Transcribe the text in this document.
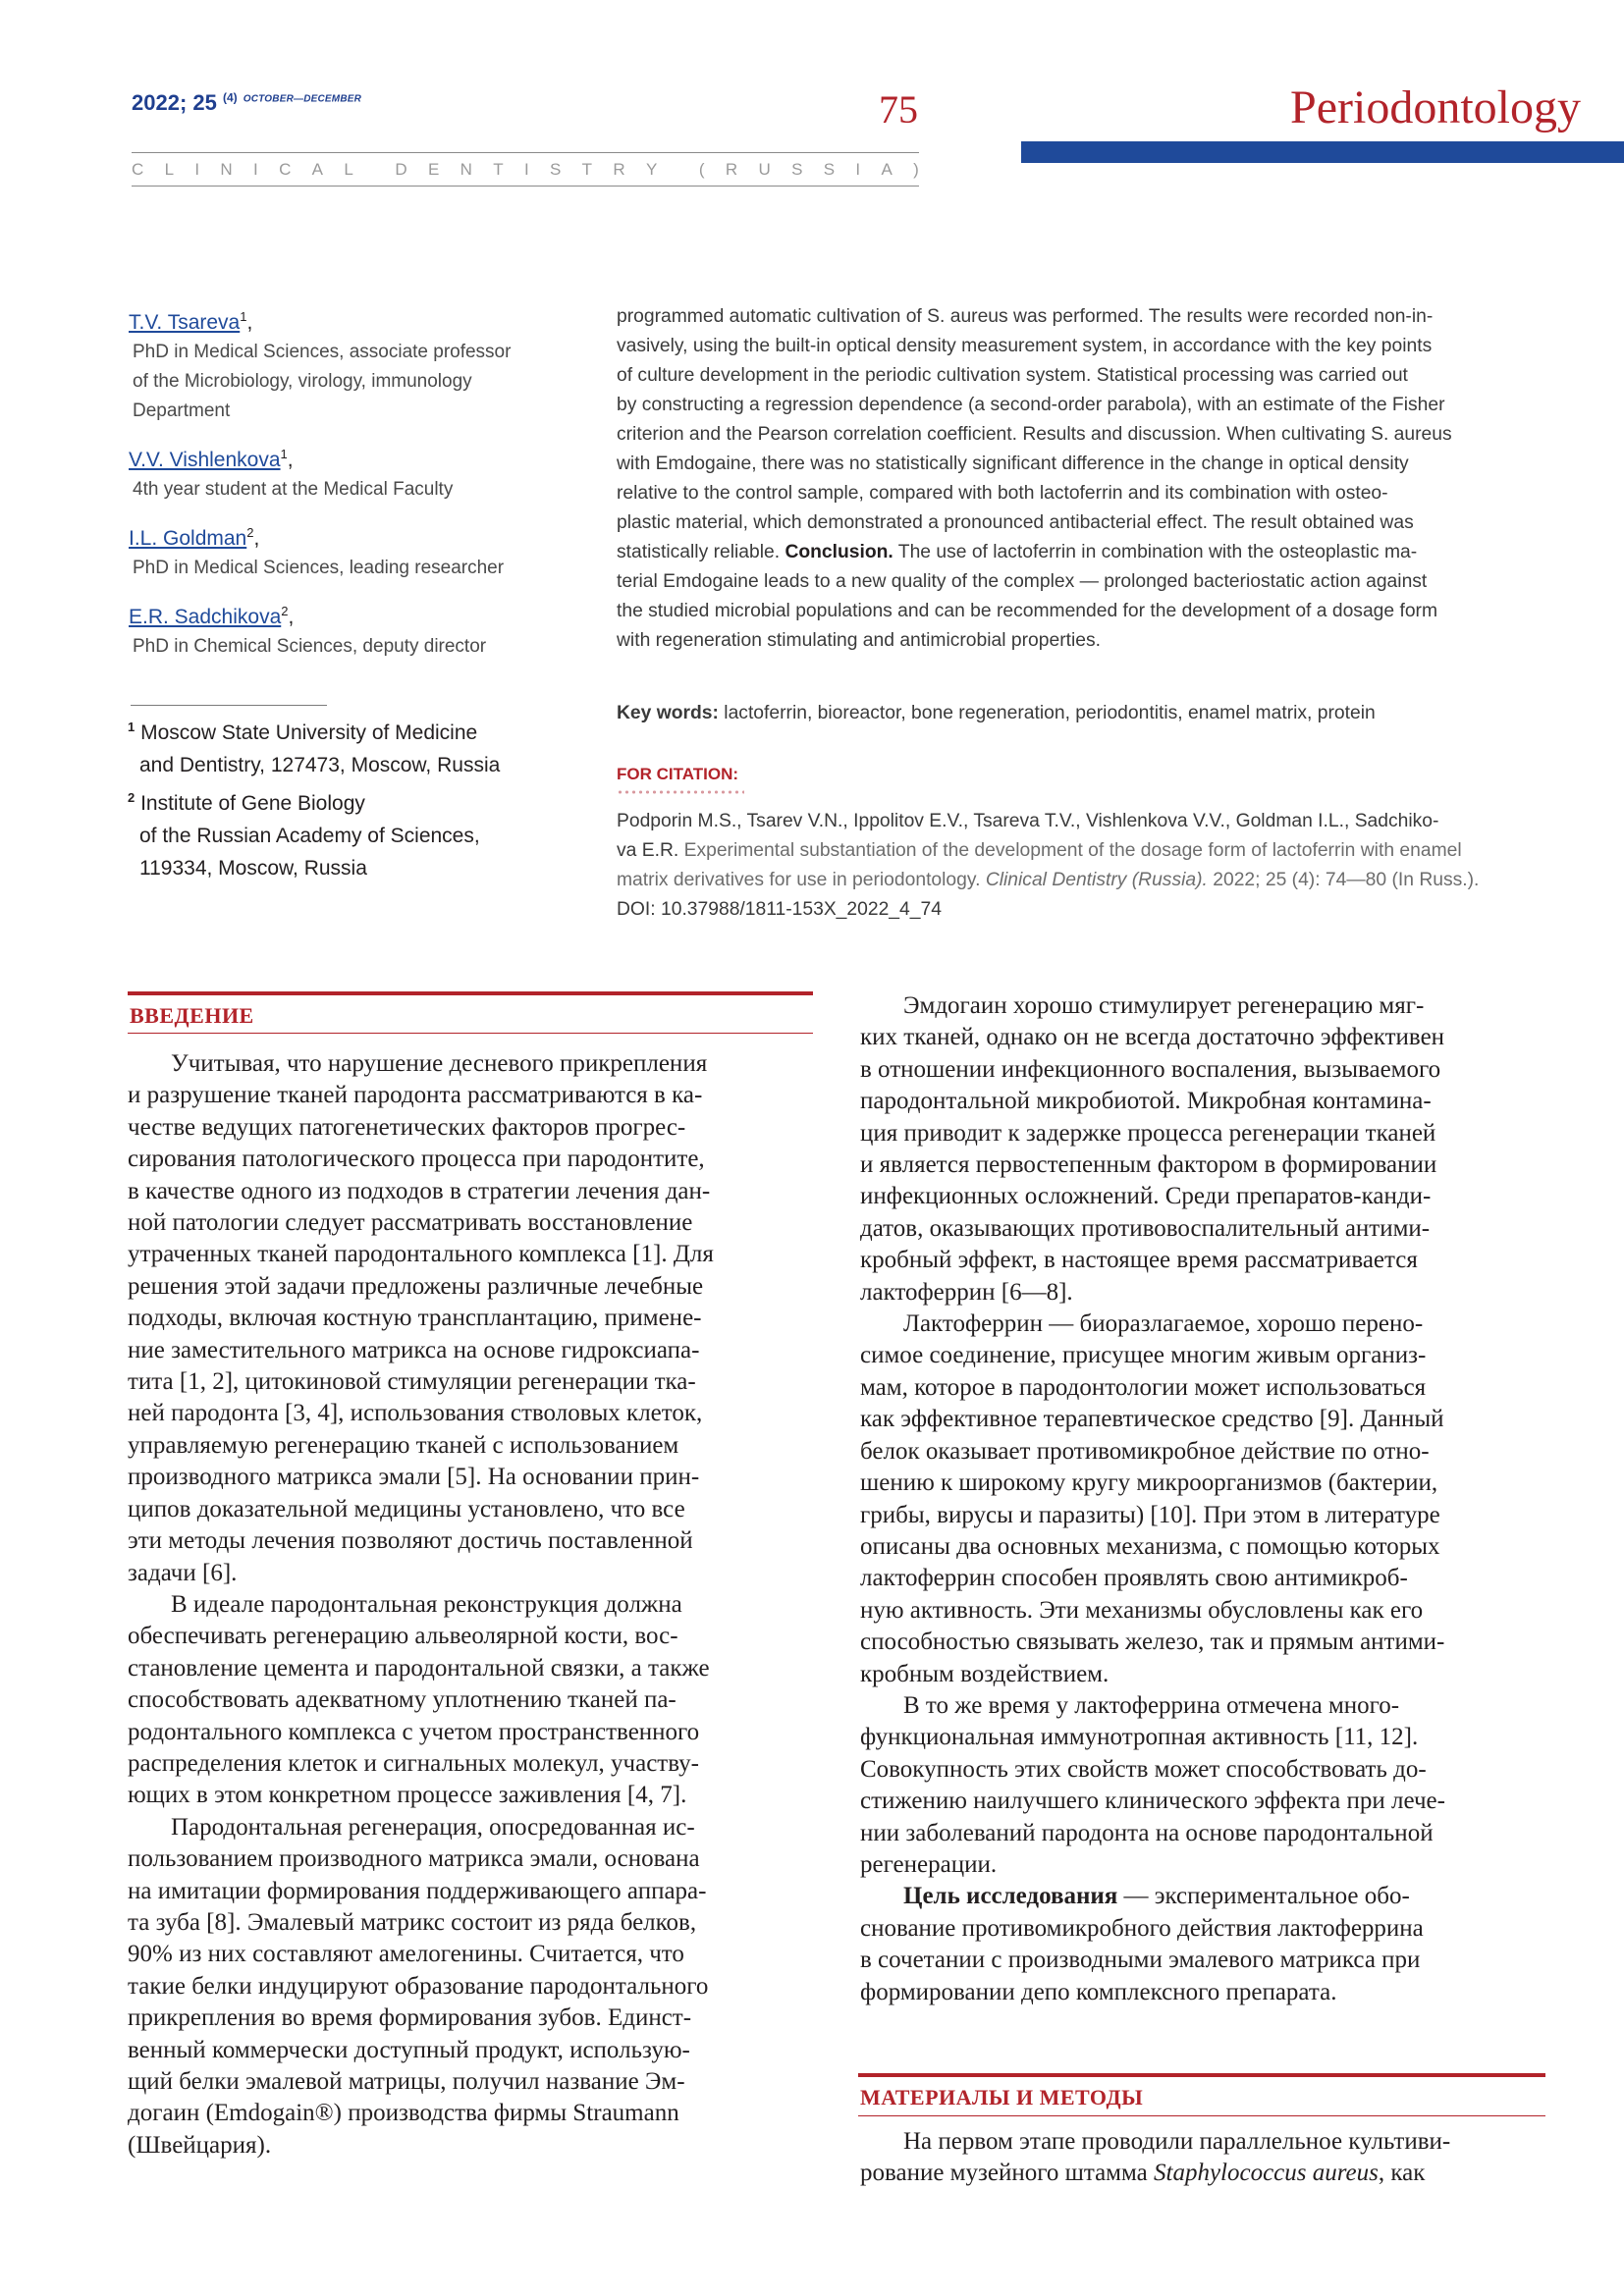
2022; 25 $^{(4)}$ $^{OCTOBER—DECEMBER}$	75
C L I N I C A L	D E N T I S T R Y	( R U S S I A )
Periodontology
T.V. Tsareva$^1$,
PhD in Medical Sciences, associate professor
of the Microbiology, virology, immunology
Department
V.V. Vishlenkova$^1$,
4th year student at the Medical Faculty
I.L. Goldman$^2$,
PhD in Medical Sciences, leading researcher
E.R. Sadchikova$^2$,
PhD in Chemical Sciences, deputy director
$^1$ Moscow State University of Medicine
and Dentistry, 127473, Moscow, Russia
$^2$ Institute of Gene Biology
of the Russian Academy of Sciences,
119334, Moscow, Russia
programmed automatic cultivation of S. aureus was performed. The results were recorded non-in-
vasively, using the built-in optical density measurement system, in accordance with the key points
of culture development in the periodic cultivation system. Statistical processing was carried out
by constructing a regression dependence (a second-order parabola), with an estimate of the Fisher
criterion and the Pearson correlation coefficient. Results and discussion. When cultivating S. aureus
with Emdogaine, there was no statistically significant difference in the change in optical density
relative to the control sample, compared with both lactoferrin and its combination with osteo-
plastic material, which demonstrated a pronounced antibacterial effect. The result obtained was
statistically reliable. Conclusion. The use of lactoferrin in combination with the osteoplastic ma-
terial Emdogaine leads to a new quality of the complex — prolonged bacteriostatic action against
the studied microbial populations and can be recommended for the development of a dosage form
with regeneration stimulating and antimicrobial properties.
Key words: lactoferrin, bioreactor, bone regeneration, periodontitis, enamel matrix, protein
FOR CITATION:
Podporin M.S., Tsarev V.N., Ippolitov E.V., Tsareva T.V., Vishlenkova V.V., Goldman I.L., Sadchiko-
va E.R. Experimental substantiation of the development of the dosage form of lactoferrin with enamel
matrix derivatives for use in periodontology. Clinical Dentistry (Russia). 2022; 25 (4): 74—80 (In Russ.).
DOI: 10.37988/1811-153X_2022_4_74
ВВЕДЕНИЕ
Учитывая, что нарушение десневого прикрепления
и разрушение тканей пародонта рассматриваются в ка-
честве ведущих патогенетических факторов прогрес-
сирования патологического процесса при пародонтите,
в качестве одного из подходов в стратегии лечения дан-
ной патологии следует рассматривать восстановление
утраченных тканей пародонтального комплекса [1]. Для
решения этой задачи предложены различные лечебные
подходы, включая костную трансплантацию, примене-
ние заместительного матрикса на основе гидроксиапа-
тита [1, 2], цитокиновой стимуляции регенерации тка-
ней пародонта [3, 4], использования стволовых клеток,
управляемую регенерацию тканей с использованием
производного матрикса эмали [5]. На основании прин-
ципов доказательной медицины установлено, что все
эти методы лечения позволяют достичь поставленной
задачи [6].
В идеале пародонтальная реконструкция должна
обеспечивать регенерацию альвеолярной кости, вос-
становление цемента и пародонтальной связки, а также
способствовать адекватному уплотнению тканей па-
родонтального комплекса с учетом пространственного
распределения клеток и сигнальных молекул, участву-
ющих в этом конкретном процессе заживления [4, 7].
Пародонтальная регенерация, опосредованная ис-
пользованием производного матрикса эмали, основана
на имитации формирования поддерживающего аппара-
та зуба [8]. Эмалевый матрикс состоит из ряда белков,
90% из них составляют амелогенины. Считается, что
такие белки индуцируют образование пародонтального
прикрепления во время формирования зубов. Единст-
венный коммерчески доступный продукт, использую-
щий белки эмалевой матрицы, получил название Эм-
догаин (Emdogain®) производства фирмы Straumann
(Швейцария).
Эмдогаин хорошо стимулирует регенерацию мяг-
ких тканей, однако он не всегда достаточно эффективен
в отношении инфекционного воспаления, вызываемого
пародонтальной микробиотой. Микробная контамина-
ция приводит к задержке процесса регенерации тканей
и является первостепенным фактором в формировании
инфекционных осложнений. Среди препаратов-канди-
датов, оказывающих противовоспалительный антими-
кробный эффект, в настоящее время рассматривается
лактоферрин [6—8].
Лактоферрин — биоразлагаемое, хорошо перено-
симое соединение, присущее многим живым организ-
мам, которое в пародонтологии может использоваться
как эффективное терапевтическое средство [9]. Данный
белок оказывает противомикробное действие по отно-
шению к широкому кругу микроорганизмов (бактерии,
грибы, вирусы и паразиты) [10]. При этом в литературе
описаны два основных механизма, с помощью которых
лактоферрин способен проявлять свою антимикроб-
ную активность. Эти механизмы обусловлены как его
способностью связывать железо, так и прямым антими-
кробным воздействием.
В то же время у лактоферрина отмечена много-
функциональная иммунотропная активность [11, 12].
Совокупность этих свойств может способствовать до-
стижению наилучшего клинического эффекта при лече-
нии заболеваний пародонта на основе пародонтальной
регенерации.
Цель исследования — экспериментальное обо-
снование противомикробного действия лактоферрина
в сочетании с производными эмалевого матрикса при
формировании депо комплексного препарата.
МАТЕРИАЛЫ И МЕТОДЫ
На первом этапе проводили параллельное культиви-
рование музейного штамма Staphylococcus aureus, как
